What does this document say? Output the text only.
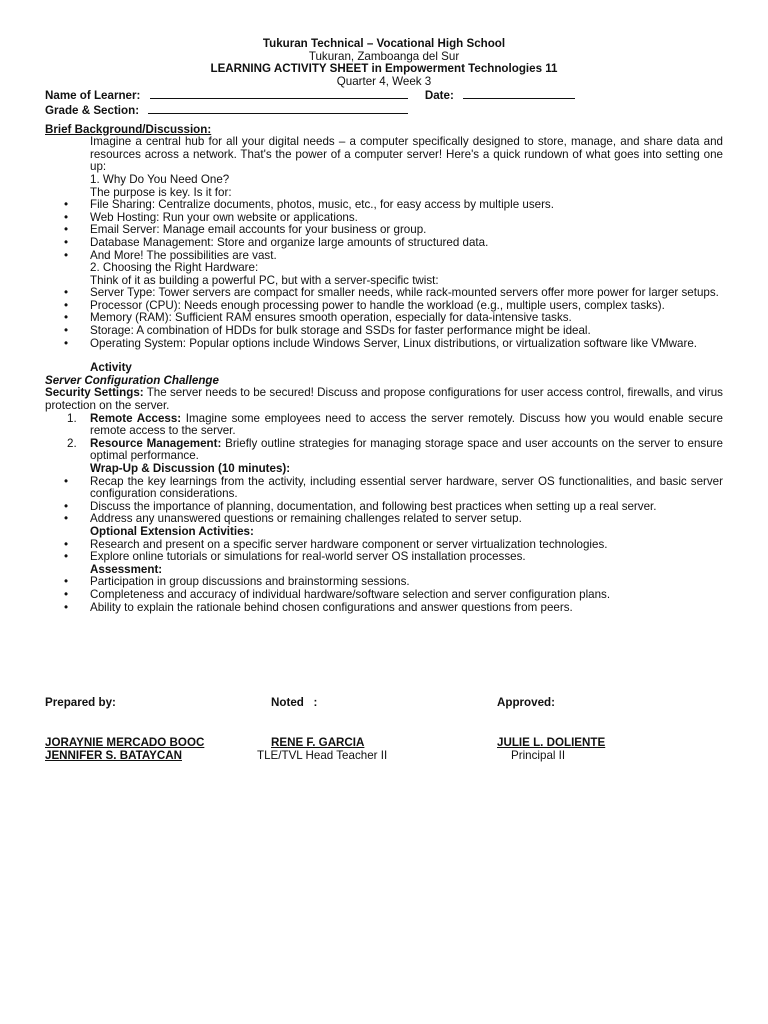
Tukuran Technical – Vocational High School
Tukuran, Zamboanga del Sur
LEARNING ACTIVITY SHEET in Empowerment Technologies 11
Quarter 4, Week 3
Name of Learner:	Date:
Grade & Section:
Brief Background/Discussion:
Imagine a central hub for all your digital needs – a computer specifically designed to store, manage, and share data and resources across a network. That's the power of a computer server! Here's a quick rundown of what goes into setting one up:
1. Why Do You Need One?
The purpose is key. Is it for:
• File Sharing: Centralize documents, photos, music, etc., for easy access by multiple users.
• Web Hosting: Run your own website or applications.
• Email Server: Manage email accounts for your business or group.
• Database Management: Store and organize large amounts of structured data.
• And More! The possibilities are vast.
2. Choosing the Right Hardware:
Think of it as building a powerful PC, but with a server-specific twist:
• Server Type: Tower servers are compact for smaller needs, while rack-mounted servers offer more power for larger setups.
• Processor (CPU): Needs enough processing power to handle the workload (e.g., multiple users, complex tasks).
• Memory (RAM): Sufficient RAM ensures smooth operation, especially for data-intensive tasks.
• Storage: A combination of HDDs for bulk storage and SSDs for faster performance might be ideal.
• Operating System: Popular options include Windows Server, Linux distributions, or virtualization software like VMware.
Activity
Server Configuration Challenge
Security Settings: The server needs to be secured! Discuss and propose configurations for user access control, firewalls, and virus protection on the server.
1. Remote Access: Imagine some employees need to access the server remotely. Discuss how you would enable secure remote access to the server.
2. Resource Management: Briefly outline strategies for managing storage space and user accounts on the server to ensure optimal performance.
Wrap-Up & Discussion (10 minutes):
• Recap the key learnings from the activity, including essential server hardware, server OS functionalities, and basic server configuration considerations.
• Discuss the importance of planning, documentation, and following best practices when setting up a real server.
• Address any unanswered questions or remaining challenges related to server setup.
Optional Extension Activities:
• Research and present on a specific server hardware component or server virtualization technologies.
• Explore online tutorials or simulations for real-world server OS installation processes.
Assessment:
• Participation in group discussions and brainstorming sessions.
• Completeness and accuracy of individual hardware/software selection and server configuration plans.
• Ability to explain the rationale behind chosen configurations and answer questions from peers.
Prepared by:	Noted   :	Approved:
JORAYNIE MERCADO BOOC	RENE F. GARCIA	JULIE L. DOLIENTE
JENNIFER S. BATAYCAN	TLE/TVL Head Teacher II	Principal II
